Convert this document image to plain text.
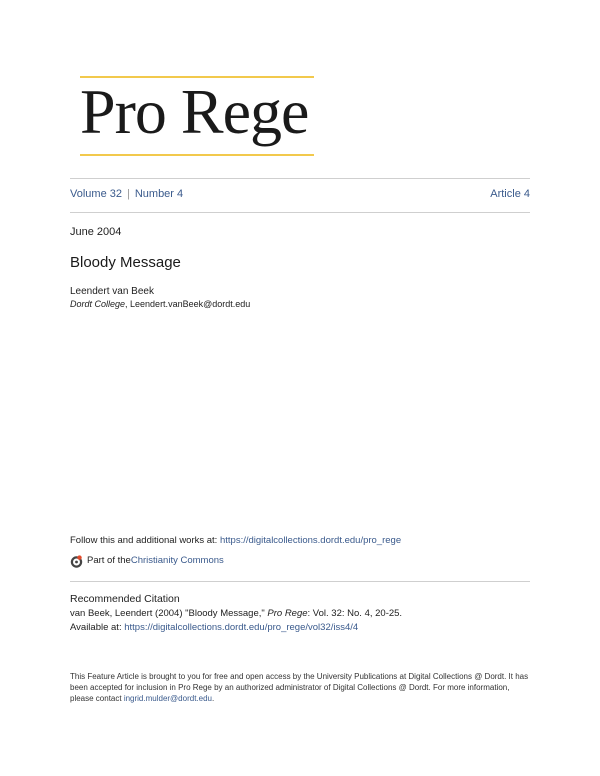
Pro Rege
Volume 32 | Number 4	Article 4
June 2004
Bloody Message
Leendert van Beek
Dordt College, Leendert.vanBeek@dordt.edu
Follow this and additional works at: https://digitalcollections.dordt.edu/pro_rege
Part of the Christianity Commons
Recommended Citation
van Beek, Leendert (2004) "Bloody Message," Pro Rege: Vol. 32: No. 4, 20-25.
Available at: https://digitalcollections.dordt.edu/pro_rege/vol32/iss4/4
This Feature Article is brought to you for free and open access by the University Publications at Digital Collections @ Dordt. It has been accepted for inclusion in Pro Rege by an authorized administrator of Digital Collections @ Dordt. For more information, please contact ingrid.mulder@dordt.edu.
